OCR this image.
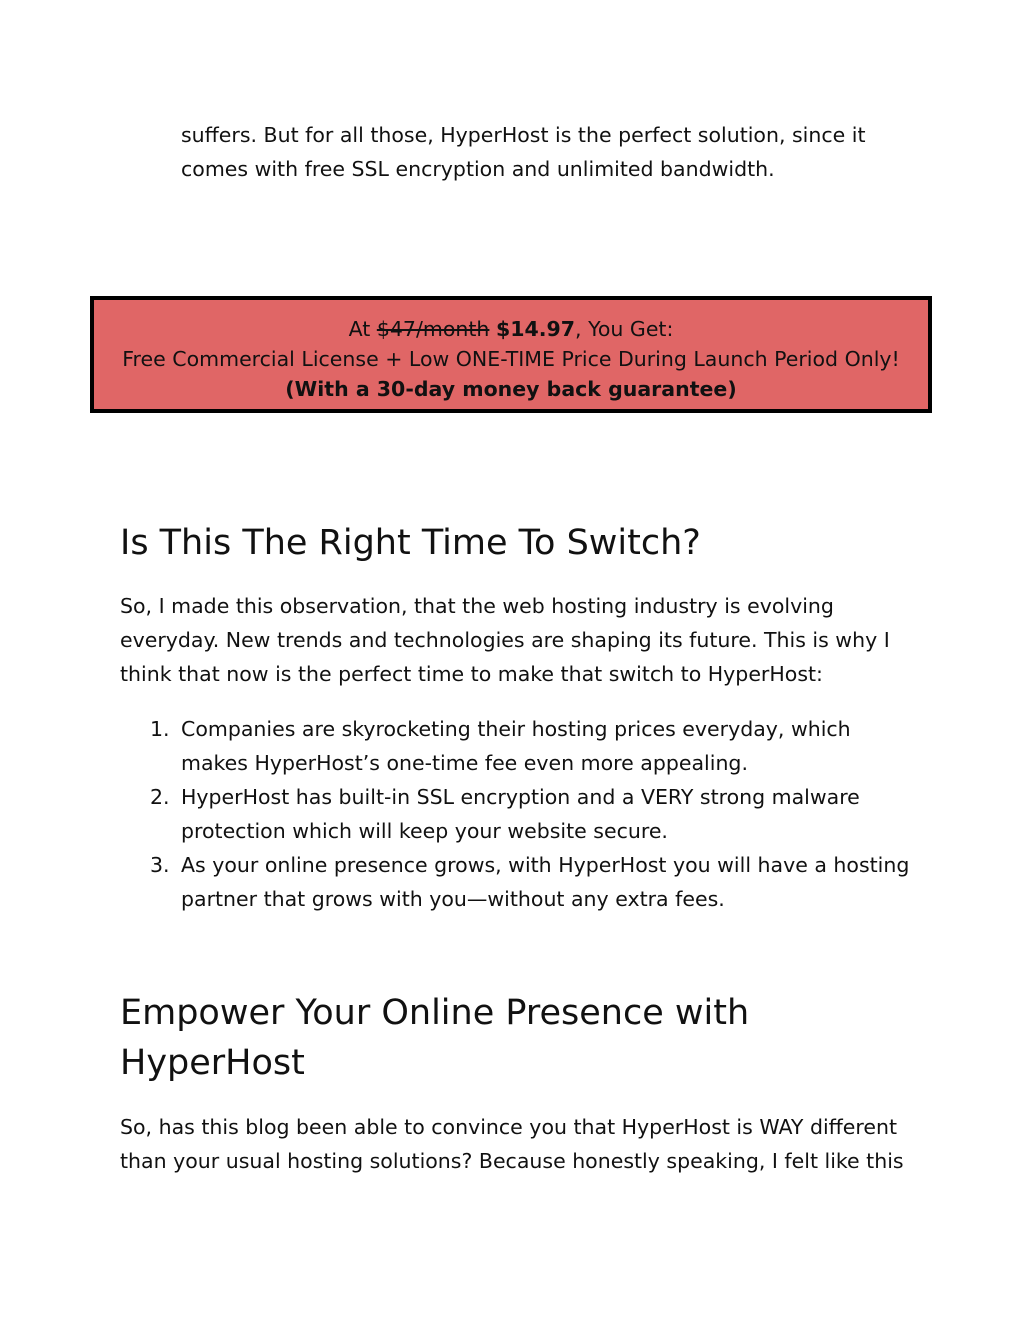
suffers. But for all those, HyperHost is the perfect solution, since it comes with free SSL encryption and unlimited bandwidth.

At $47/month $14.97, You Get:

Free Commercial License + Low ONE-TIME Price During Launch Period Only!

(With a 30-day money back guarantee)

Is This The Right Time To Switch?

So, I made this observation, that the web hosting industry is evolving everyday. New trends and technologies are shaping its future. This is why I think that now is the perfect time to make that switch to HyperHost:

1. Companies are skyrocketing their hosting prices everyday, which makes HyperHost’s one-time fee even more appealing.
2. HyperHost has built-in SSL encryption and a VERY strong malware protection which will keep your website secure.
3. As your online presence grows, with HyperHost you will have a hosting partner that grows with you—without any extra fees.
Empower Your Online Presence with HyperHost

So, has this blog been able to convince you that HyperHost is WAY different than your usual hosting solutions? Because honestly speaking, I felt like this
